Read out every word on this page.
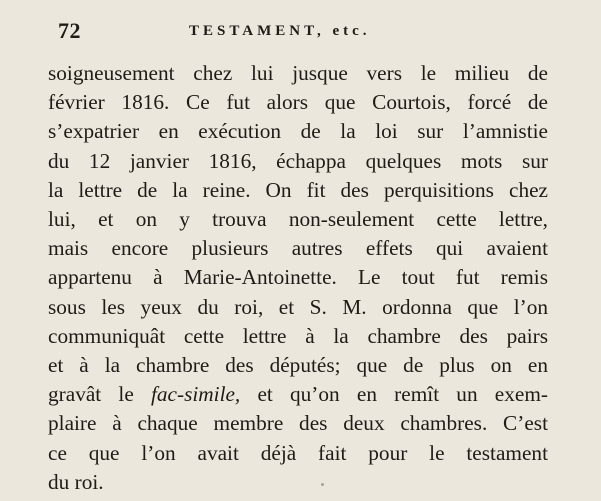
72	TESTAMENT, etc.
soigneusement chez lui jusque vers le milieu de
février 1816. Ce fut alors que Courtois, forcé de
s’expatrier en exécution de la loi sur l’amnistie
du 12 janvier 1816, échappa quelques mots sur
la lettre de la reine. On fit des perquisitions chez
lui, et on y trouva non-seulement cette lettre,
mais encore plusieurs autres effets qui avaient
appartenu à Marie-Antoinette. Le tout fut remis
sous les yeux du roi, et S. M. ordonna que l’on
communiquât cette lettre à la chambre des pairs
et à la chambre des députés; que de plus on en
gravât le fac-simile, et qu’on en remît un exem-
plaire à chaque membre des deux chambres. C’est
ce que l’on avait déjà fait pour le testament
du roi.
